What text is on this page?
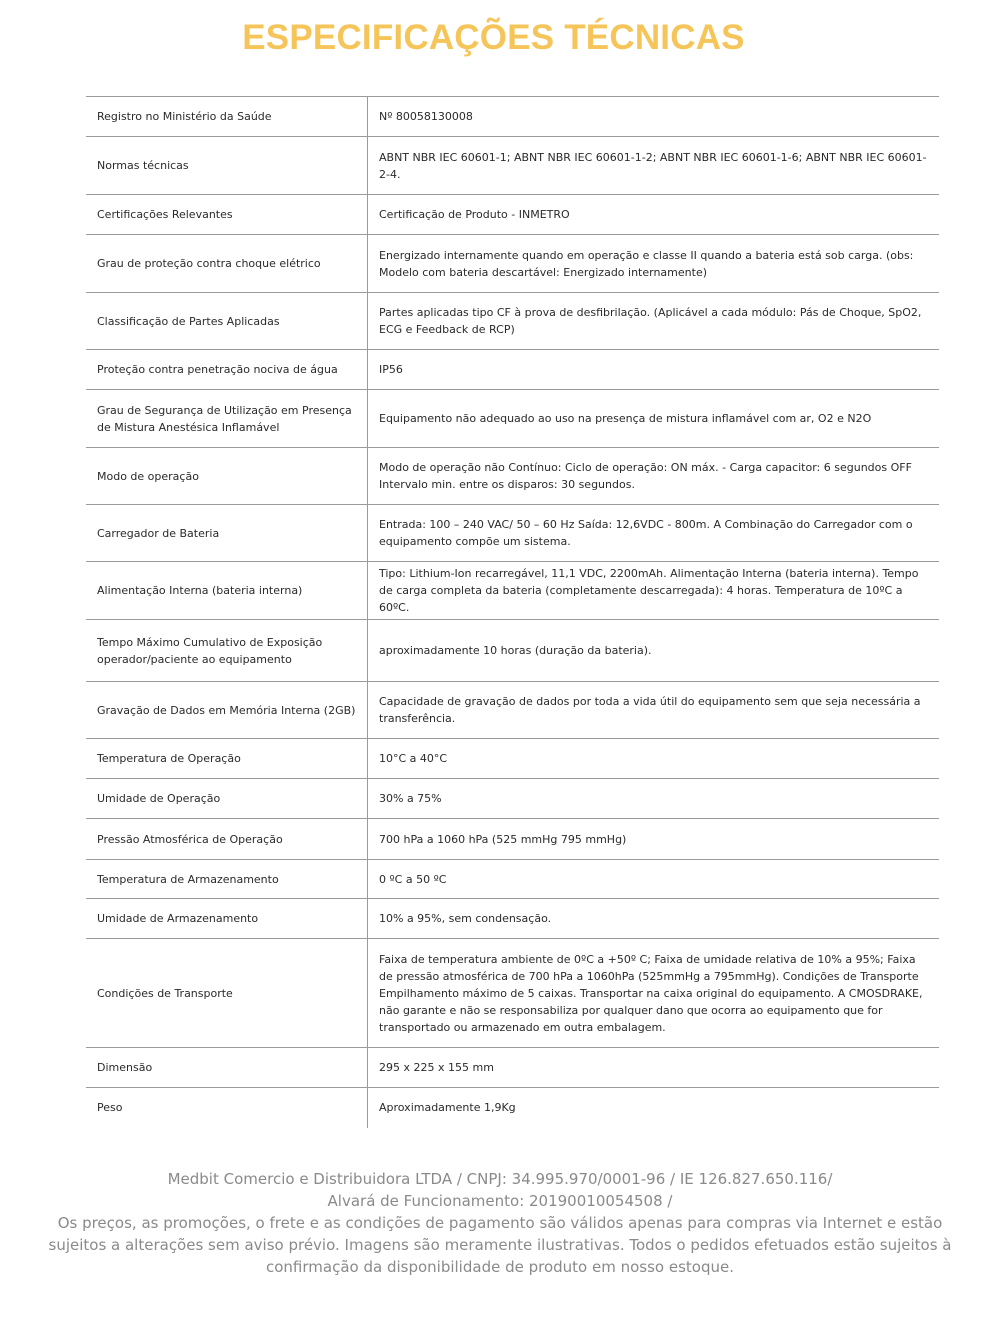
ESPECIFICAÇÕES TÉCNICAS
Registro no Ministério da Saúde	Nº 80058130008
Normas técnicas	ABNT NBR IEC 60601-1; ABNT NBR IEC 60601-1-2; ABNT NBR IEC 60601-1-6; ABNT NBR IEC 60601-2-4.
Certificações Relevantes	Certificação de Produto - INMETRO
Grau de proteção contra choque elétrico	Energizado internamente quando em operação e classe II quando a bateria está sob carga. (obs: Modelo com bateria descartável: Energizado internamente)
Classificação de Partes Aplicadas	Partes aplicadas tipo CF à prova de desfibrilação. (Aplicável a cada módulo: Pás de Choque, SpO2, ECG e Feedback de RCP)
Proteção contra penetração nociva de água	IP56
Grau de Segurança de Utilização em Presença de Mistura Anestésica Inflamável	Equipamento não adequado ao uso na presença de mistura inflamável com ar, O2 e N2O
Modo de operação	Modo de operação não Contínuo: Ciclo de operação: ON máx. - Carga capacitor: 6 segundos OFF Intervalo min. entre os disparos: 30 segundos.
Carregador de Bateria	Entrada: 100 – 240 VAC/ 50 – 60 Hz Saída: 12,6VDC - 800m. A Combinação do Carregador com o equipamento compõe um sistema.
Alimentação Interna (bateria interna)	Tipo: Lithium-Ion recarregável, 11,1 VDC, 2200mAh. Alimentação Interna (bateria interna). Tempo de carga completa da bateria (completamente descarregada): 4 horas. Temperatura de 10ºC a 60ºC.
Tempo Máximo Cumulativo de Exposição operador/paciente ao equipamento	aproximadamente 10 horas (duração da bateria).
Gravação de Dados em Memória Interna (2GB)	Capacidade de gravação de dados por toda a vida útil do equipamento sem que seja necessária a transferência.
Temperatura de Operação	10°C a 40°C
Umidade de Operação	30% a 75%
Pressão Atmosférica de Operação	700 hPa a 1060 hPa (525 mmHg 795 mmHg)
Temperatura de Armazenamento	0 ºC a 50 ºC
Umidade de Armazenamento	10% a 95%, sem condensação.
Condições de Transporte	Faixa de temperatura ambiente de 0ºC a +50º C; Faixa de umidade relativa de 10% a 95%; Faixa de pressão atmosférica de 700 hPa a 1060hPa (525mmHg a 795mmHg). Condições de Transporte Empilhamento máximo de 5 caixas. Transportar na caixa original do equipamento. A CMOSDRAKE, não garante e não se responsabiliza por qualquer dano que ocorra ao equipamento que for transportado ou armazenado em outra embalagem.
Dimensão	295 x 225 x 155 mm
Peso	Aproximadamente 1,9Kg
Medbit Comercio e Distribuidora LTDA / CNPJ: 34.995.970/0001-96 / IE 126.827.650.116/
Alvará de Funcionamento: 20190010054508 /
Os preços, as promoções, o frete e as condições de pagamento são válidos apenas para compras via Internet e estão sujeitos a alterações sem aviso prévio. Imagens são meramente ilustrativas. Todos o pedidos efetuados estão sujeitos à confirmação da disponibilidade de produto em nosso estoque.
